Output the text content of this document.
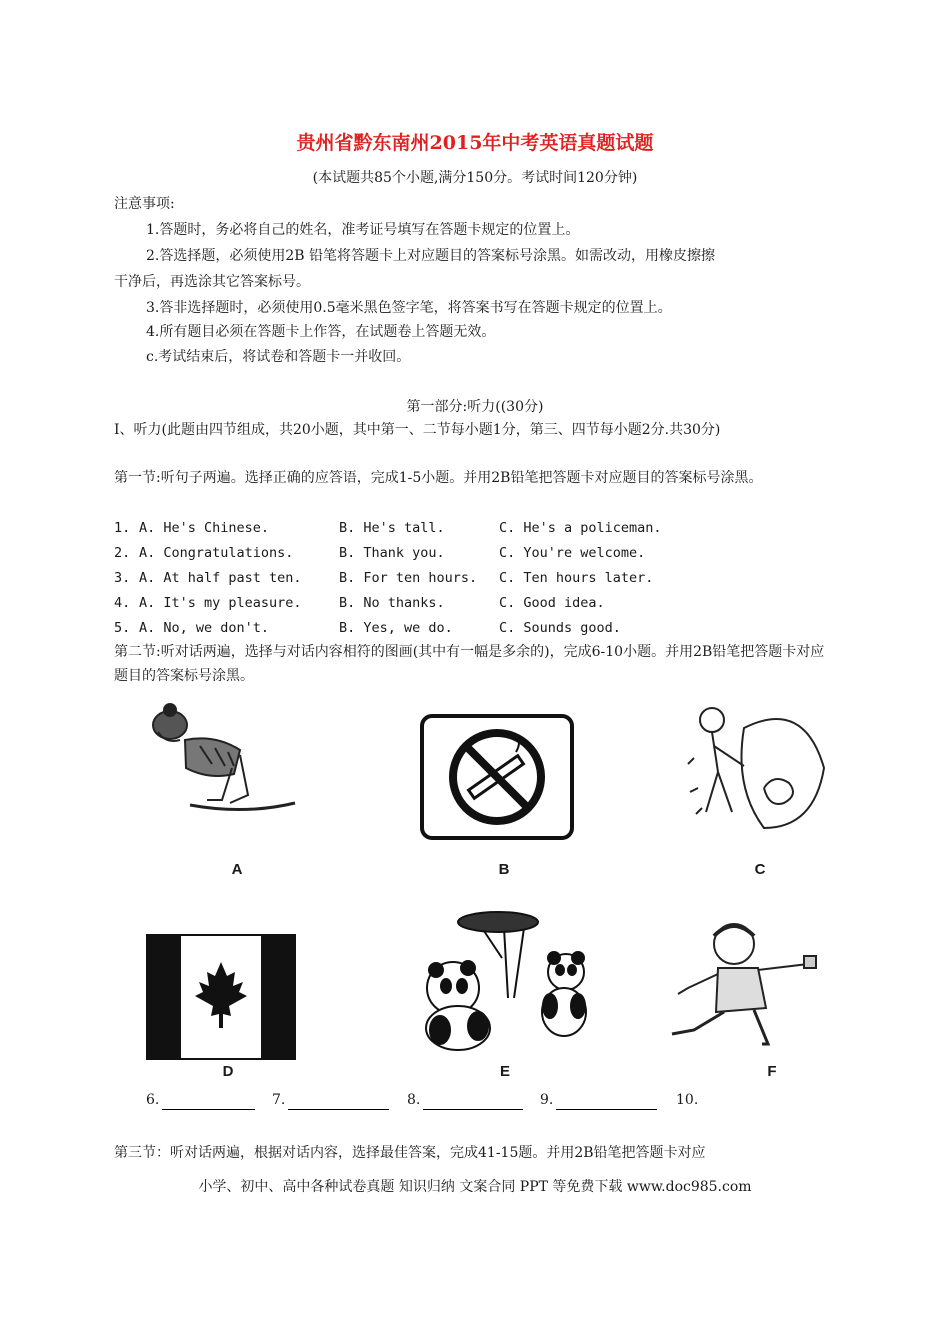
贵州省黔东南州2015年中考英语真题试题
(本试题共85个小题,满分150分。考试时间120分钟)
注意事项:
1.答题时，务必将自己的姓名，准考证号填写在答题卡规定的位置上。
2.答选择题，必须使用2B 铅笔将答题卡上对应题目的答案标号涂黑。如需改动，用橡皮擦擦
干净后，再选涂其它答案标号。
3.答非选择题时，必须使用0.5毫米黑色签字笔，将答案书写在答题卡规定的位置上。
4.所有题目必须在答题卡上作答，在试题卷上答题无效。
c.考试结束后，将试卷和答题卡一并收回。
第一部分:听力((30分)
I、听力(此题由四节组成，共20小题，其中第一、二节每小题1分，第三、四节每小题2分.共30分)
第一节:听句子两遍。选择正确的应答语，完成1-5小题。并用2B铅笔把答题卡对应题目的答案标号涂黑。
1. A. He's Chinese.	B. He's tall.	C. He's a policeman.
2. A. Congratulations.	B. Thank you.	C. You're welcome.
3. A. At half past ten.	B. For ten hours. C. Ten hours later.
4. A. It's my pleasure.	B. No thanks.	C. Good idea.
5. A. No, we don't.	B. Yes, we do.	C. Sounds good.
第二节:听对话两遍，选择与对话内容相符的图画(其中有一幅是多余的)，完成6-10小题。并用2B铅笔把答题卡对应题目的答案标号涂黑。
A	B	C
D	E	F
6.	7.	8.	9.	10.
第三节：听对话两遍，根据对话内容，选择最佳答案，完成41-15题。并用2B铅笔把答题卡对应
小学、初中、高中各种试卷真题 知识归纳 文案合同 PPT 等免费下载 www.doc985.com
